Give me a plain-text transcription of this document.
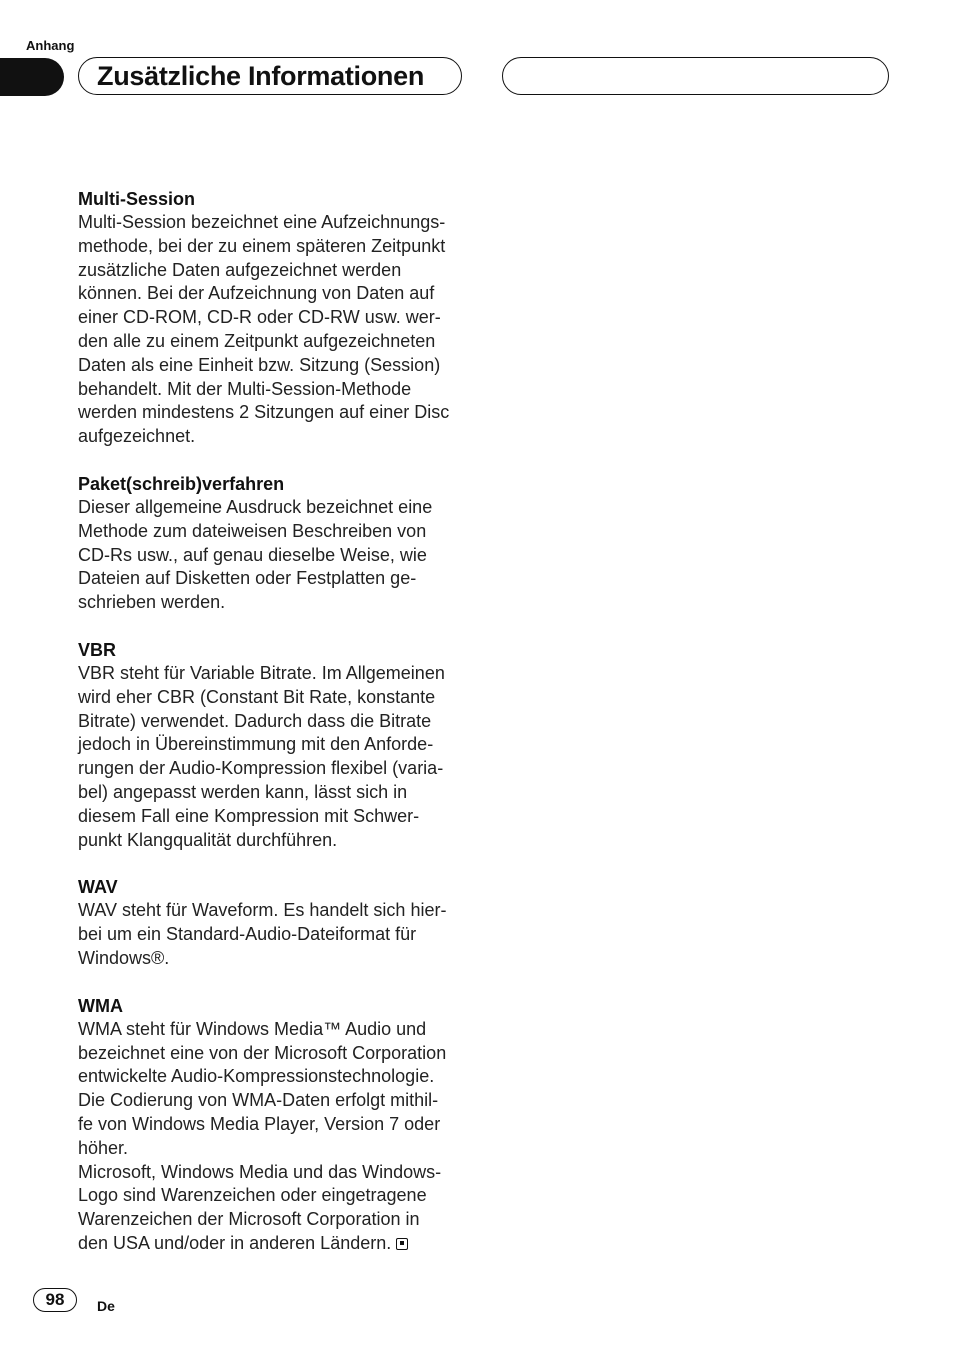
Anhang
Zusätzliche Informationen
Multi-Session
Multi-Session bezeichnet eine Aufzeichnungs-
methode, bei der zu einem späteren Zeitpunkt
zusätzliche Daten aufgezeichnet werden
können. Bei der Aufzeichnung von Daten auf
einer CD-ROM, CD-R oder CD-RW usw. wer-
den alle zu einem Zeitpunkt aufgezeichneten
Daten als eine Einheit bzw. Sitzung (Session)
behandelt. Mit der Multi-Session-Methode
werden mindestens 2 Sitzungen auf einer Disc
aufgezeichnet.
Paket(schreib)verfahren
Dieser allgemeine Ausdruck bezeichnet eine
Methode zum dateiweisen Beschreiben von
CD-Rs usw., auf genau dieselbe Weise, wie
Dateien auf Disketten oder Festplatten ge-
schrieben werden.
VBR
VBR steht für Variable Bitrate. Im Allgemeinen
wird eher CBR (Constant Bit Rate, konstante
Bitrate) verwendet. Dadurch dass die Bitrate
jedoch in Übereinstimmung mit den Anforde-
rungen der Audio-Kompression flexibel (varia-
bel) angepasst werden kann, lässt sich in
diesem Fall eine Kompression mit Schwer-
punkt Klangqualität durchführen.
WAV
WAV steht für Waveform. Es handelt sich hier-
bei um ein Standard-Audio-Dateiformat für
Windows®.
WMA
WMA steht für Windows Media™ Audio und
bezeichnet eine von der Microsoft Corporation
entwickelte Audio-Kompressionstechnologie.
Die Codierung von WMA-Daten erfolgt mithil-
fe von Windows Media Player, Version 7 oder
höher.
Microsoft, Windows Media und das Windows-
Logo sind Warenzeichen oder eingetragene
Warenzeichen der Microsoft Corporation in
den USA und/oder in anderen Ländern.
98	De
